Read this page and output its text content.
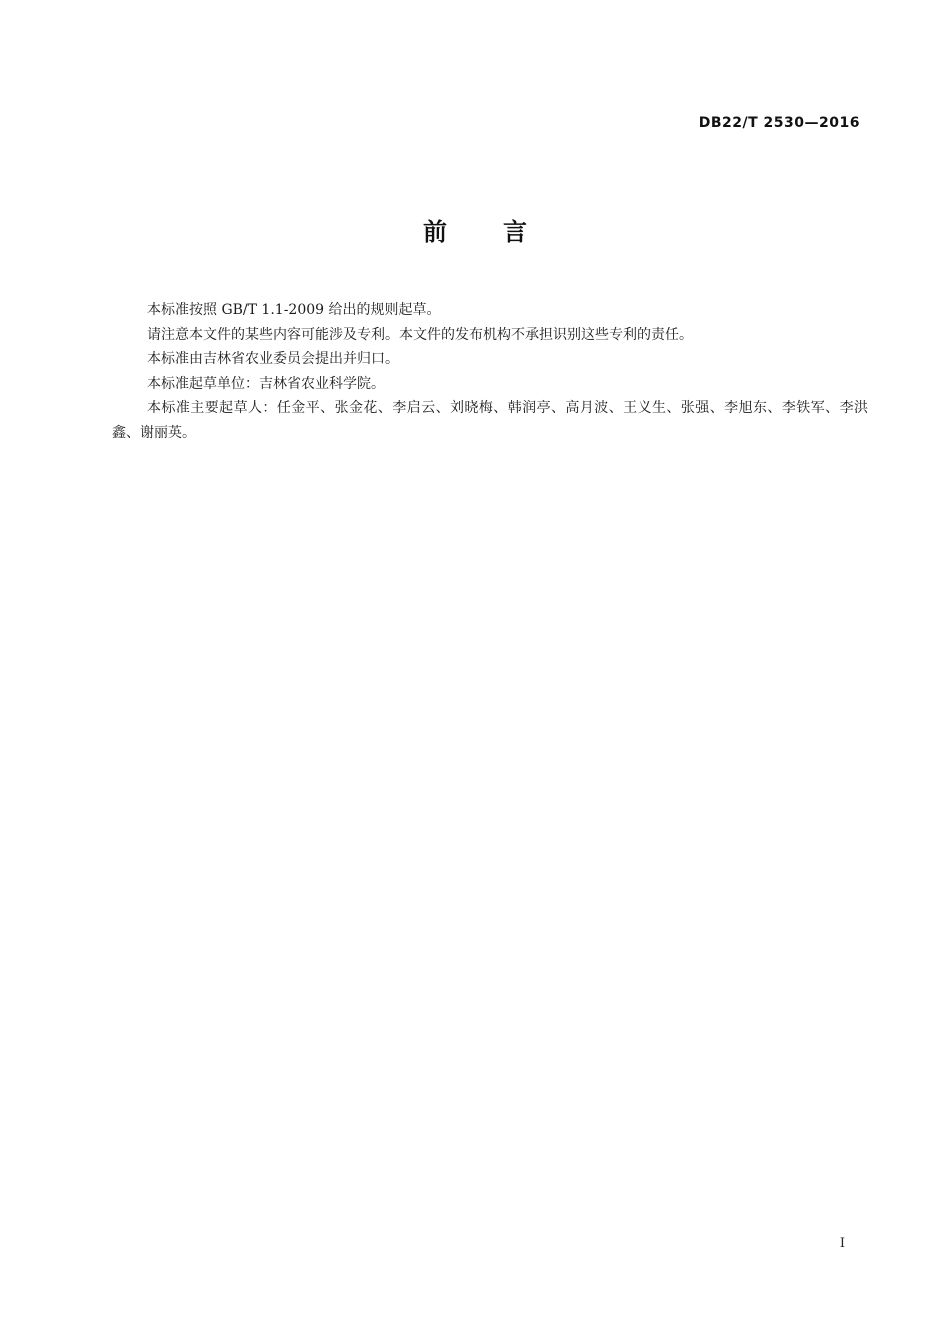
DB22/T 2530—2016
前言

本标准按照 GB/T 1.1-2009 给出的规则起草。

请注意本文件的某些内容可能涉及专利。本文件的发布机构不承担识别这些专利的责任。

本标准由吉林省农业委员会提出并归口。

本标准起草单位：吉林省农业科学院。

本标准主要起草人：任金平、张金花、李启云、刘晓梅、韩润亭、高月波、王义生、张强、李旭东、李铁军、李洪鑫、谢丽英。

I
